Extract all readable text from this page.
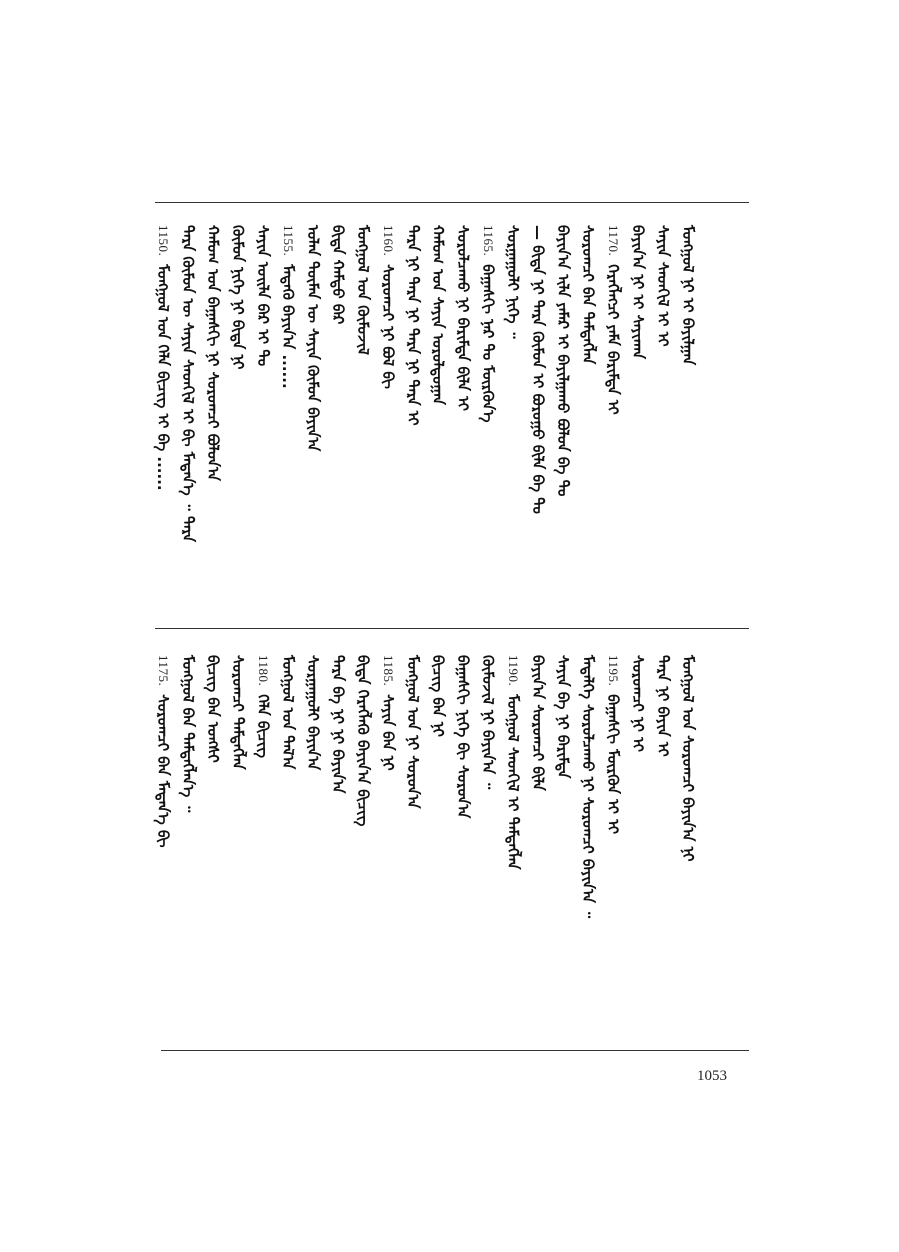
1150.ᠮᠣᠩᠭᠣᠯ ᠤᠨ ᠬᠡᠯᠡ ᠪᠢᠴᠢᠭ ᠢ ᠪᠠ ...... ᠲᠡᠷᠡ ᠬᠦᠮᠦᠨ ᠦ ᠰᠠᠶᠢᠨ ᠰᠡᠳᠬᠢᠯ ᠢ ᠪᠢ ᠮᠡᠳᠡᠨ᠎ᠡ ᠃ ᠲᠡᠷᠡ ᠬᠠᠮᠤᠭ ᠤᠨ ᠪᠠᠭᠠᠰᠬᠢ ᠨᠢ ᠰᠤᠷᠤᠭᠴᠢ ᠪᠣᠯᠤᠨ᠎ᠠ ᠬᠦᠮᠦᠨ ᠨᠢᠭᠡ ᠨᠢ ᠪᠢᠳᠡ ᠨᠢ ᠰᠠᠶᠢᠨ ᠤᠢᠯᠡ ᠪᠡᠷ ᠢ ᠲᠤ 1155.ᠮᠡᠳᠡᠬᠦ ᠪᠠᠶᠢᠨ᠎ᠠ ...... ᠣᠯᠠᠨ ᠲᠦᠮᠡᠨ ᠦ ᠰᠠᠶᠢᠨ ᠬᠦᠮᠦᠨ ᠪᠠᠶᠢᠨ᠎ᠠ ᠪᠢᠳᠡ ᠬᠠᠮᠲᠤ ᠪᠠᠷ ᠮᠣᠩᠭᠣᠯ ᠤᠨ ᠬᠦᠮᠦᠵᠢᠯ 1160.ᠰᠤᠷᠤᠭᠴᠢ ᠨᠢ ᠪᠣᠯ ᠪᠢ ᠲᠡᠷᠡ ᠨᠢ ᠲᠡᠷᠡ ᠨᠢ ᠲᠡᠷᠡ ᠨᠢ ᠲᠡᠷᠡ ᠢ ᠬᠠᠮᠤᠭ ᠤᠨ ᠰᠠᠶᠢᠨ ᠤᠷᠤᠯᠳᠤᠭᠠᠨ ᠰᠤᠷᠤᠯᠴᠠᠬᠤ ᠨᠢ ᠪᠠᠷᠢᠮᠲᠠ ᠪᠢᠯᠡ ᠢ 1165.ᠪᠠᠭᠠᠰᠬᠢ ᠨᠠᠷ ᠲᠤ ᠮᠥᠷᠭᠦᠨ᠎ᠡ ᠰᠤᠷᠭᠠᠭᠤᠯᠢ ᠨᠢᠭᠡ ᠃ — ᠪᠢᠳᠡ ᠨᠢ ᠲᠡᠷᠡ ᠬᠦᠮᠦᠨ ᠢ ᠪᠤᠷᠤᠭᠤ ᠪᠢᠯᠡ ᠪᠠ ᠲᠤ ᠪᠠᠶᠢᠨ᠎ᠠ ᠢᠯᠡ ᠶᠠᠮᠠᠷ ᠢ ᠪᠠᠶᠢᠯᠭᠠᠬᠤ ᠪᠣᠯᠤᠨ ᠪᠠ ᠲᠤ ᠰᠤᠷᠤᠭᠴᠢ ᠪᠠᠨ ᠲᠡᠮᠳᠡᠭᠯᠡᠨ 1170.ᠬᠡᠷᠡᠭᠯᠡᠭᠴᠢ ᠶᠠᠮᠠ ᠪᠠᠷᠢᠮᠲᠠ ᠢ ᠪᠠᠶᠢᠨ᠎ᠠ ᠨᠢ ᠢ ᠰᠠᠶᠢᠬᠠᠨ ᠰᠠᠶᠢᠨ ᠰᠡᠳᠬᠢᠯ ᠢ ᠢ ᠮᠣᠩᠭᠣᠯ ᠨᠢ ᠢ ᠪᠠᠶᠢᠯᠭᠠᠨ
1175.ᠰᠤᠷᠤᠭᠴᠢ ᠪᠠᠨ ᠮᠡᠳᠡᠨ᠎ᠡ ᠪᠢ ᠮᠣᠩᠭᠣᠯ ᠪᠠᠨ ᠲᠡᠮᠳᠡᠭᠯᠡᠨ᠎ᠡ ᠃ ᠪᠢᠴᠢᠭ ᠪᠠᠨ ᠤᠩᠰᠢ ᠰᠤᠷᠤᠭᠴᠢ ᠲᠡᠮᠳᠡᠭᠯᠡᠨ 1180.ᠬᠡᠯᠡ ᠪᠢᠴᠢᠭ ᠮᠣᠩᠭᠣᠯ ᠤᠨ ᠲᠠᠯ᠎ᠠ ᠰᠤᠷᠭᠠᠭᠤᠯᠢ ᠪᠠᠶᠢᠨ᠎ᠠ ᠲᠡᠷᠡ ᠪᠠ ᠨᠢ ᠨᠢ ᠪᠠᠶᠢᠨ᠎ᠠ ᠪᠢᠳᠡ ᠬᠡᠷᠡᠭᠯᠡᠬᠦ ᠪᠠᠶᠢᠨ᠎ᠠ ᠪᠢᠴᠢᠭ 1185.ᠰᠠᠶᠢᠨ ᠪᠠᠨ ᠨᠢ ᠮᠣᠩᠭᠣᠯ ᠤᠨ ᠨᠢ ᠰᠤᠷᠤᠨ᠎ᠠ ᠪᠢᠴᠢᠭ ᠪᠠᠨ ᠨᠢ ᠪᠠᠭᠠᠰᠬᠢ ᠨᠢᠭᠡ ᠪᠢ ᠰᠤᠷᠤᠨ᠎ᠠ ᠬᠦᠮᠦᠵᠢᠯ ᠨᠢ ᠪᠠᠶᠢᠨ᠎ᠠ ᠃ 1190.ᠮᠣᠩᠭᠣᠯ ᠰᠡᠳᠬᠢᠯ ᠢ ᠲᠡᠮᠳᠡᠭᠯᠡᠨ ᠪᠠᠶᠢᠨ᠎ᠠ ᠰᠤᠷᠤᠭᠴᠢ ᠪᠢᠯᠡ ᠰᠠᠶᠢᠨ ᠪᠠ ᠨᠢ ᠪᠠᠷᠢᠮᠲᠠ ᠮᠡᠳᠡᠯᠭᠡ ᠰᠤᠷᠤᠯᠴᠠᠬᠤ ᠨᠢ ᠰᠤᠷᠤᠭᠴᠢ ᠪᠠᠶᠢᠨ᠎ᠠ ᠃ 1195.ᠪᠠᠭᠠᠰᠬᠢ ᠮᠥᠷᠭᠦᠨ ᠢ ᠢ ᠰᠤᠷᠤᠭᠴᠢ ᠨᠢ ᠢ ᠲᠡᠷᠡ ᠨᠢ ᠪᠠᠶᠢᠨ ᠢ ᠮᠣᠩᠭᠣᠯ ᠤᠨ ᠰᠤᠷᠤᠭᠴᠢ ᠪᠠᠶᠢᠨ᠎ᠠ ᠨᠢ
1053
